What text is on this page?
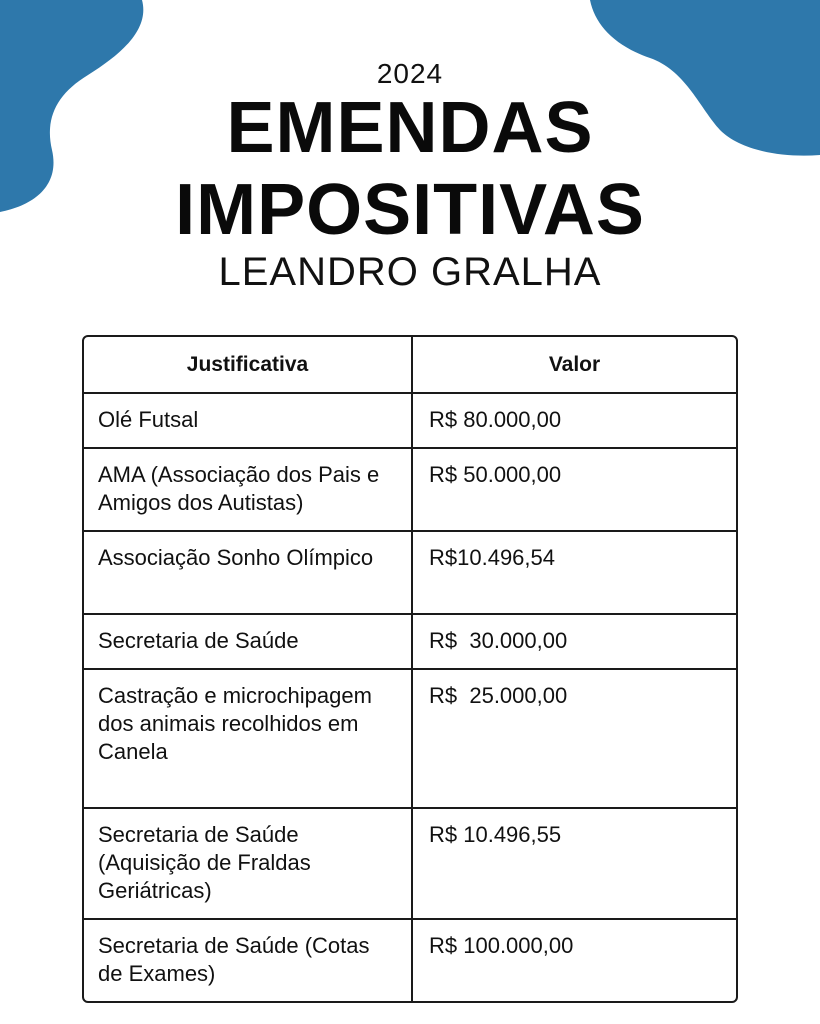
2024
EMENDAS
IMPOSITIVAS
LEANDRO GRALHA
Justificativa	Valor
Olé Futsal	R$ 80.000,00
AMA (Associação dos Pais e Amigos dos Autistas)	R$ 50.000,00
Associação Sonho Olímpico	R$10.496,54
Secretaria de Saúde	R$  30.000,00
Castração e microchipagem dos animais recolhidos em Canela	R$  25.000,00
Secretaria de Saúde (Aquisição de Fraldas Geriátricas)	R$ 10.496,55
Secretaria de Saúde (Cotas de Exames)	R$ 100.000,00
